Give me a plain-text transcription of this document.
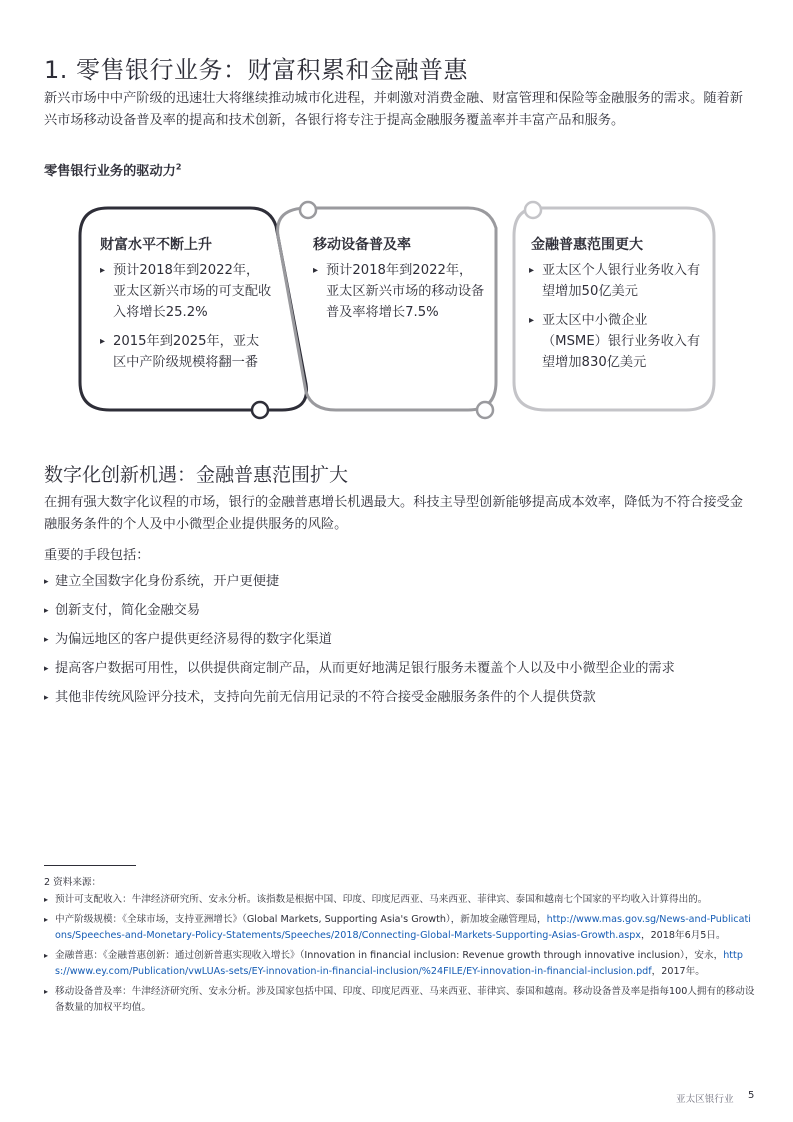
1. 零售银行业务：财富积累和金融普惠
新兴市场中中产阶级的迅速壮大将继续推动城市化进程，并刺激对消费金融、财富管理和保险等金融服务的需求。随着新兴市场移动设备普及率的提高和技术创新，各银行将专注于提高金融服务覆盖率并丰富产品和服务。
零售银行业务的驱动力$^2$
财富水平不断上升
▸ 预计2018年到2022年，亚太区新兴市场的可支配收入将增长25.2%
▸ 2015年到2025年，亚太区中产阶级规模将翻一番
移动设备普及率
▸ 预计2018年到2022年，亚太区新兴市场的移动设备普及率将增长7.5%
金融普惠范围更大
▸ 亚太区个人银行业务收入有望增加50亿美元
▸ 亚太区中小微企业（MSME）银行业务收入有望增加830亿美元
数字化创新机遇：金融普惠范围扩大
在拥有强大数字化议程的市场，银行的金融普惠增长机遇最大。科技主导型创新能够提高成本效率，降低为不符合接受金融服务条件的个人及中小微型企业提供服务的风险。
重要的手段包括：
▸ 建立全国数字化身份系统，开户更便捷
▸ 创新支付，简化金融交易
▸ 为偏远地区的客户提供更经济易得的数字化渠道
▸ 提高客户数据可用性，以供提供商定制产品，从而更好地满足银行服务未覆盖个人以及中小微型企业的需求
▸ 其他非传统风险评分技术，支持向先前无信用记录的不符合接受金融服务条件的个人提供贷款
2 资料来源：
▸ 预计可支配收入：牛津经济研究所、安永分析。该指数是根据中国、印度、印度尼西亚、马来西亚、菲律宾、泰国和越南七个国家的平均收入计算得出的。
▸ 中产阶级规模：《全球市场，支持亚洲增长》（Global Markets, Supporting Asia's Growth），新加坡金融管理局，http://www.mas.gov.sg/News-and-Publications/Speeches-and-Monetary-Policy-Statements/Speeches/2018/Connecting-Global-Markets-Supporting-Asias-Growth.aspx，2018年6月5日。
▸ 金融普惠：《金融普惠创新：通过创新普惠实现收入增长》（Innovation in financial inclusion: Revenue growth through innovative inclusion），安永，https://www.ey.com/Publication/vwLUAs-sets/EY-innovation-in-financial-inclusion/%24FILE/EY-innovation-in-financial-inclusion.pdf，2017年。
▸ 移动设备普及率：牛津经济研究所、安永分析。涉及国家包括中国、印度、印度尼西亚、马来西亚、菲律宾、泰国和越南。移动设备普及率是指每100人拥有的移动设备数量的加权平均值。
亚太区银行业 5
